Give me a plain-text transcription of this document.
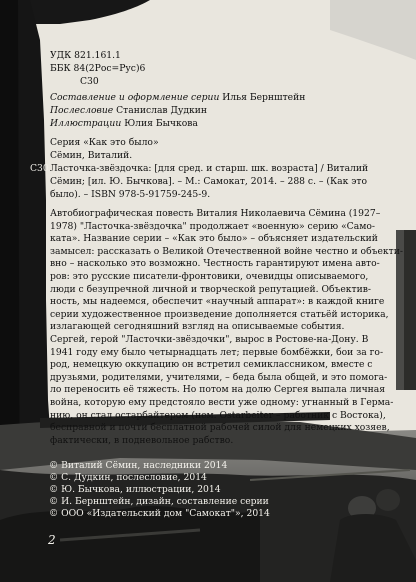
УДК 821.161.1
ББК 84(2Рос=Рус)6
С30
Составление и оформление серии Илья Бернштейн
Послесловие Станислав Дудкин
Иллюстрации Юлия Бычкова
Серия «Как это было»
Сёмин, Виталий.
С30 Ласточка-звёздочка: [для сред. и старш. шк. возраста] / Виталий
Сёмин; [ил. Ю. Бычкова]. – М.: Самокат, 2014. – 288 с. – (Как это
было). – ISBN 978-5-91759-245-9.
Автобиографическая повесть Виталия Николаевича Сёмина (1927–
1978) "Ласточка-звёздочка" продолжает «военную» серию «Само-
ката». Название серии – «Как это было» – объясняет издательский
замысел: рассказать о Великой Отечественной войне честно и объекти-
вно – насколько это возможно. Честность гарантируют имена авто-
ров: это русские писатели-фронтовики, очевидцы описываемого,
люди с безупречной личной и творческой репутацией. Объектив-
ность, мы надеемся, обеспечит «научный аппарат»: в каждой книге
серии художественное произведение дополняется статьёй историка,
излагающей сегодняшний взгляд на описываемые события.
Сергей, герой "Ласточки-звёздочки", вырос в Ростове-на-Дону. В
1941 году ему было четырнадцать лет; первые бомбёжки, бои за го-
род, немецкую оккупацию он встретил семиклассником, вместе с
друзьями, родителями, учителями, – беда была общей, и это помога-
ло переносить её тяжесть. Но потом на долю Сергея выпала личная
война, которую ему предстояло вести уже одному: угнанный в Герма-
нию, он стал остарбайтером (нем. Ostarbeiter – работник с Востока),
бесправной и почти бесплатной рабочей силой для немецких хозяев,
фактически, в подневольное рабство.
© Виталий Сёмин, наследники 2014
© С. Дудкин, послесловие, 2014
© Ю. Бычкова, иллюстрации, 2014
© И. Бернштейн, дизайн, составление серии
© ООО «Издательский дом "Самокат"», 2014
2
